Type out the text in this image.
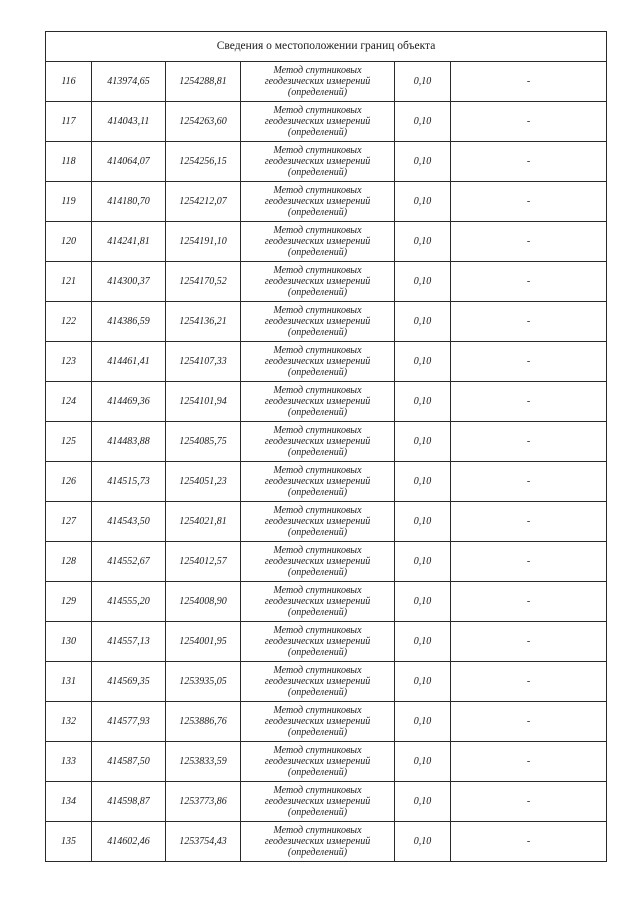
Сведения о местоположении границ объекта					
116	413974,65	1254288,81	Метод спутниковых
геодезических измерений
(определений)	0,10	-
117	414043,11	1254263,60	Метод спутниковых
геодезических измерений
(определений)	0,10	-
118	414064,07	1254256,15	Метод спутниковых
геодезических измерений
(определений)	0,10	-
119	414180,70	1254212,07	Метод спутниковых
геодезических измерений
(определений)	0,10	-
120	414241,81	1254191,10	Метод спутниковых
геодезических измерений
(определений)	0,10	-
121	414300,37	1254170,52	Метод спутниковых
геодезических измерений
(определений)	0,10	-
122	414386,59	1254136,21	Метод спутниковых
геодезических измерений
(определений)	0,10	-
123	414461,41	1254107,33	Метод спутниковых
геодезических измерений
(определений)	0,10	-
124	414469,36	1254101,94	Метод спутниковых
геодезических измерений
(определений)	0,10	-
125	414483,88	1254085,75	Метод спутниковых
геодезических измерений
(определений)	0,10	-
126	414515,73	1254051,23	Метод спутниковых
геодезических измерений
(определений)	0,10	-
127	414543,50	1254021,81	Метод спутниковых
геодезических измерений
(определений)	0,10	-
128	414552,67	1254012,57	Метод спутниковых
геодезических измерений
(определений)	0,10	-
129	414555,20	1254008,90	Метод спутниковых
геодезических измерений
(определений)	0,10	-
130	414557,13	1254001,95	Метод спутниковых
геодезических измерений
(определений)	0,10	-
131	414569,35	1253935,05	Метод спутниковых
геодезических измерений
(определений)	0,10	-
132	414577,93	1253886,76	Метод спутниковых
геодезических измерений
(определений)	0,10	-
133	414587,50	1253833,59	Метод спутниковых
геодезических измерений
(определений)	0,10	-
134	414598,87	1253773,86	Метод спутниковых
геодезических измерений
(определений)	0,10	-
135	414602,46	1253754,43	Метод спутниковых
геодезических измерений
(определений)	0,10	-
